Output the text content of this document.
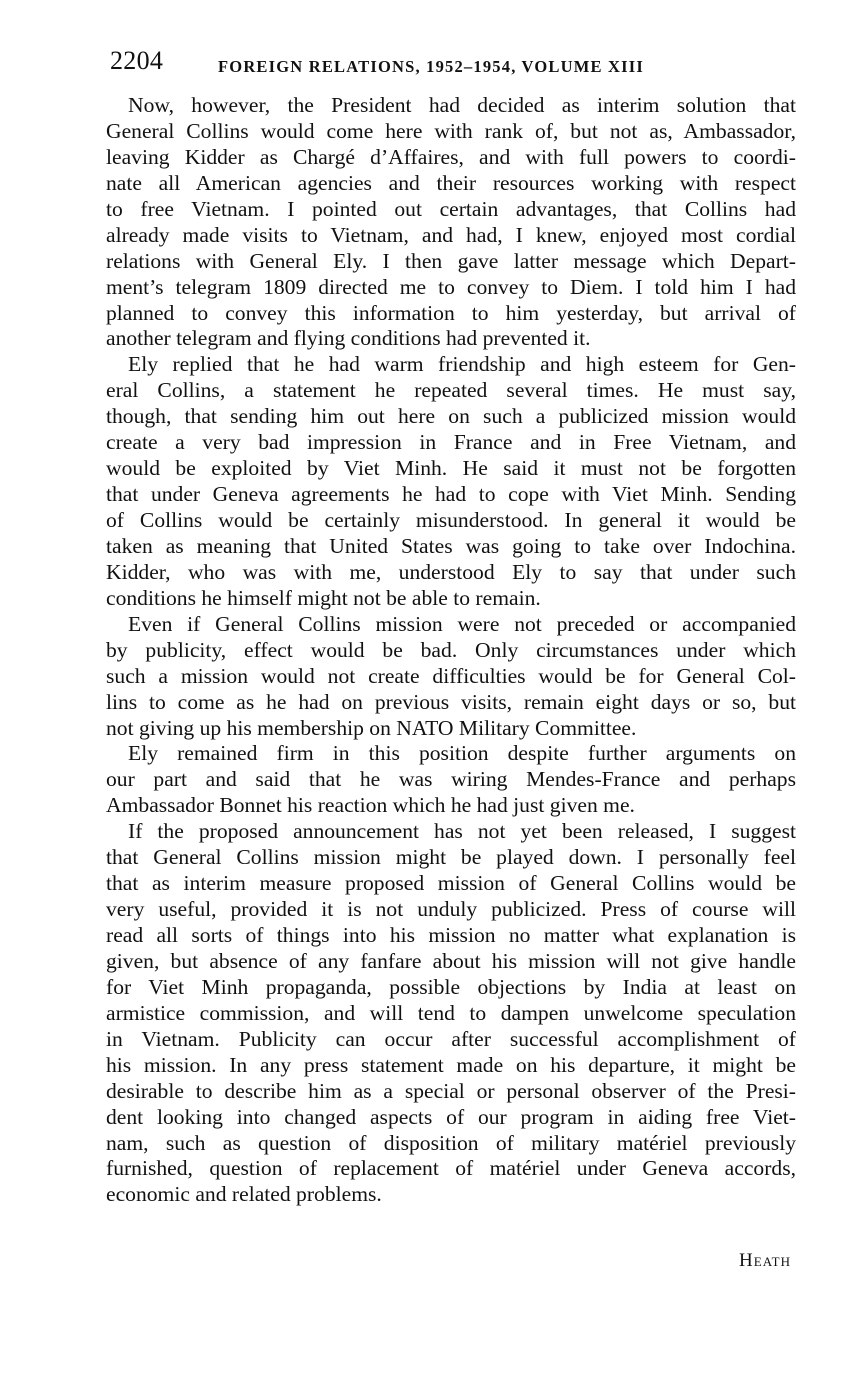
2204	FOREIGN RELATIONS, 1952–1954, VOLUME XIII
Now, however, the President had decided as interim solution that
General Collins would come here with rank of, but not as, Ambassador,
leaving Kidder as Chargé d’Affaires, and with full powers to coordi-
nate all American agencies and their resources working with respect
to free Vietnam. I pointed out certain advantages, that Collins had
already made visits to Vietnam, and had, I knew, enjoyed most cordial
relations with General Ely. I then gave latter message which Depart-
ment’s telegram 1809 directed me to convey to Diem. I told him I had
planned to convey this information to him yesterday, but arrival of
another telegram and flying conditions had prevented it.
Ely replied that he had warm friendship and high esteem for Gen-
eral Collins, a statement he repeated several times. He must say,
though, that sending him out here on such a publicized mission would
create a very bad impression in France and in Free Vietnam, and
would be exploited by Viet Minh. He said it must not be forgotten
that under Geneva agreements he had to cope with Viet Minh. Sending
of Collins would be certainly misunderstood. In general it would be
taken as meaning that United States was going to take over Indochina.
Kidder, who was with me, understood Ely to say that under such
conditions he himself might not be able to remain.
Even if General Collins mission were not preceded or accompanied
by publicity, effect would be bad. Only circumstances under which
such a mission would not create difficulties would be for General Col-
lins to come as he had on previous visits, remain eight days or so, but
not giving up his membership on NATO Military Committee.
Ely remained firm in this position despite further arguments on
our part and said that he was wiring Mendes-France and perhaps
Ambassador Bonnet his reaction which he had just given me.
If the proposed announcement has not yet been released, I suggest
that General Collins mission might be played down. I personally feel
that as interim measure proposed mission of General Collins would be
very useful, provided it is not unduly publicized. Press of course will
read all sorts of things into his mission no matter what explanation is
given, but absence of any fanfare about his mission will not give handle
for Viet Minh propaganda, possible objections by India at least on
armistice commission, and will tend to dampen unwelcome speculation
in Vietnam. Publicity can occur after successful accomplishment of
his mission. In any press statement made on his departure, it might be
desirable to describe him as a special or personal observer of the Presi-
dent looking into changed aspects of our program in aiding free Viet-
nam, such as question of disposition of military matériel previously
furnished, question of replacement of matériel under Geneva accords,
economic and related problems.
Heath
